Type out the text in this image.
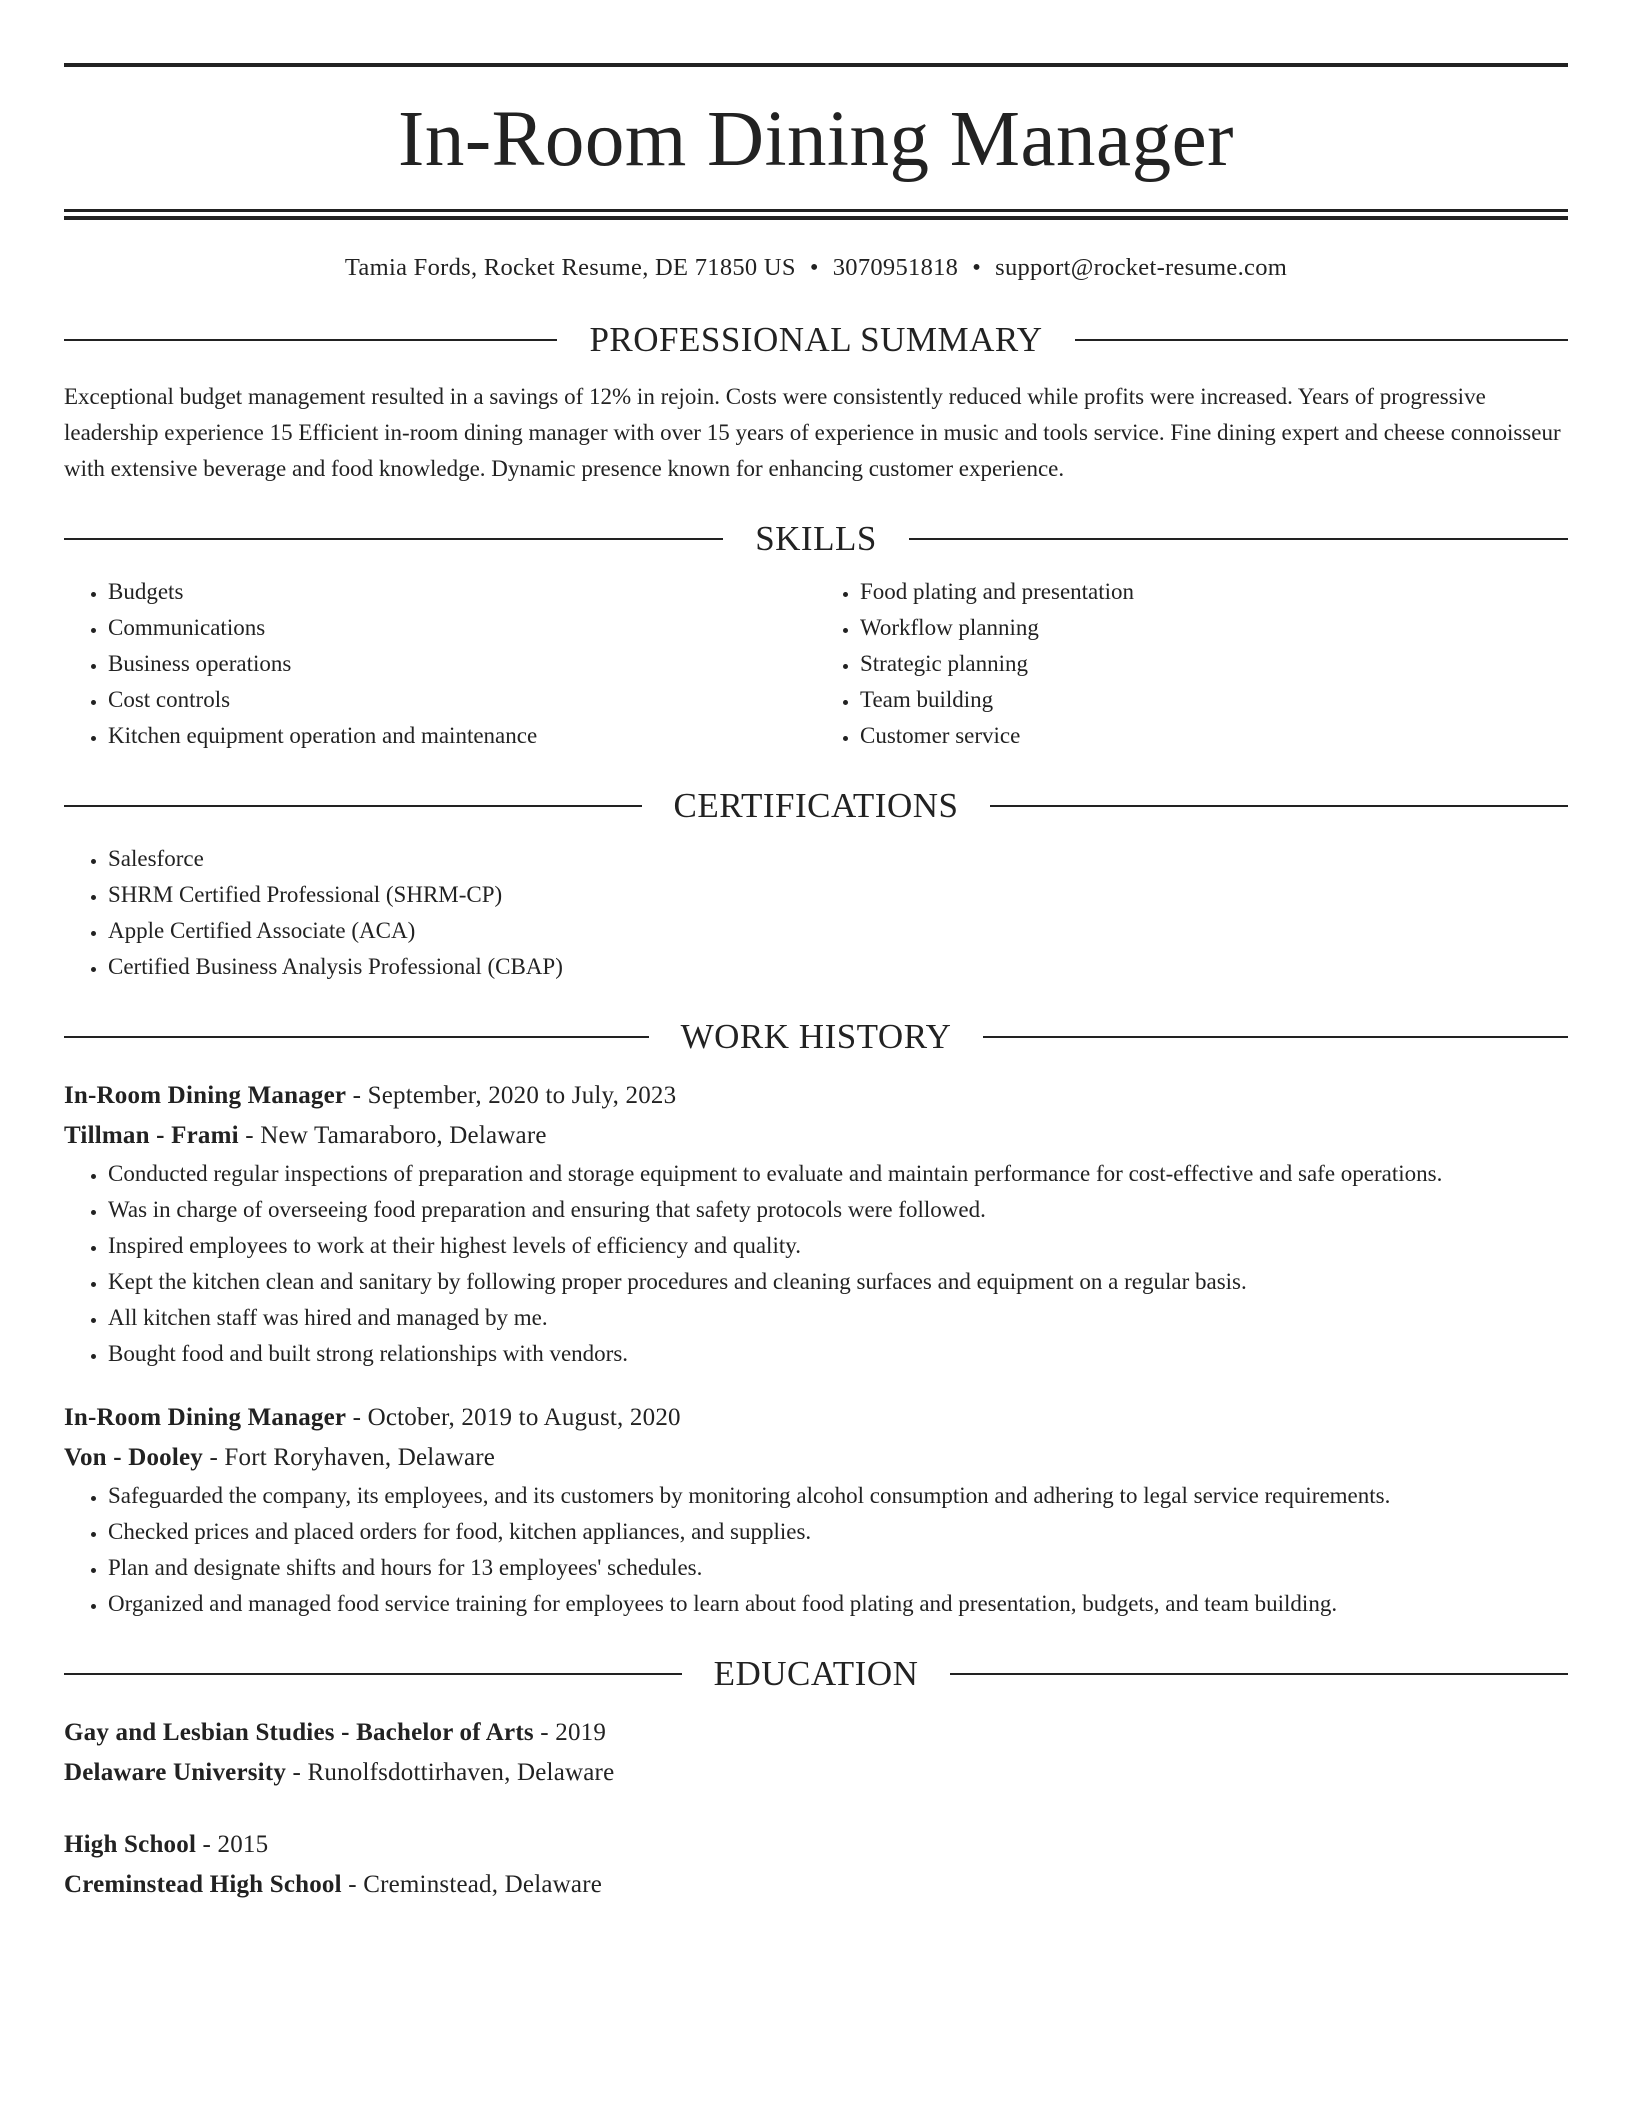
In-Room Dining Manager
Tamia Fords, Rocket Resume, DE 71850 US • 3070951818 • support@rocket-resume.com
PROFESSIONAL SUMMARY

Exceptional budget management resulted in a savings of 12% in rejoin. Costs were consistently reduced while profits were increased. Years of progressive leadership experience 15 Efficient in-room dining manager with over 15 years of experience in music and tools service. Fine dining expert and cheese connoisseur with extensive beverage and food knowledge. Dynamic presence known for enhancing customer experience.

SKILLS
• Budgets
• Communications
• Business operations
• Cost controls
• Kitchen equipment operation and maintenance
• Food plating and presentation
• Workflow planning
• Strategic planning
• Team building
• Customer service
CERTIFICATIONS
• Salesforce
• SHRM Certified Professional (SHRM-CP)
• Apple Certified Associate (ACA)
• Certified Business Analysis Professional (CBAP)
WORK HISTORY
In-Room Dining Manager - September, 2020 to July, 2023
Tillman - Frami - New Tamaraboro, Delaware
• Conducted regular inspections of preparation and storage equipment to evaluate and maintain performance for cost-effective and safe operations.
• Was in charge of overseeing food preparation and ensuring that safety protocols were followed.
• Inspired employees to work at their highest levels of efficiency and quality.
• Kept the kitchen clean and sanitary by following proper procedures and cleaning surfaces and equipment on a regular basis.
• All kitchen staff was hired and managed by me.
• Bought food and built strong relationships with vendors.
In-Room Dining Manager - October, 2019 to August, 2020
Von - Dooley - Fort Roryhaven, Delaware
• Safeguarded the company, its employees, and its customers by monitoring alcohol consumption and adhering to legal service requirements.
• Checked prices and placed orders for food, kitchen appliances, and supplies.
• Plan and designate shifts and hours for 13 employees' schedules.
• Organized and managed food service training for employees to learn about food plating and presentation, budgets, and team building.
EDUCATION
Gay and Lesbian Studies - Bachelor of Arts - 2019
Delaware University - Runolfsdottirhaven, Delaware
High School - 2015
Creminstead High School - Creminstead, Delaware
